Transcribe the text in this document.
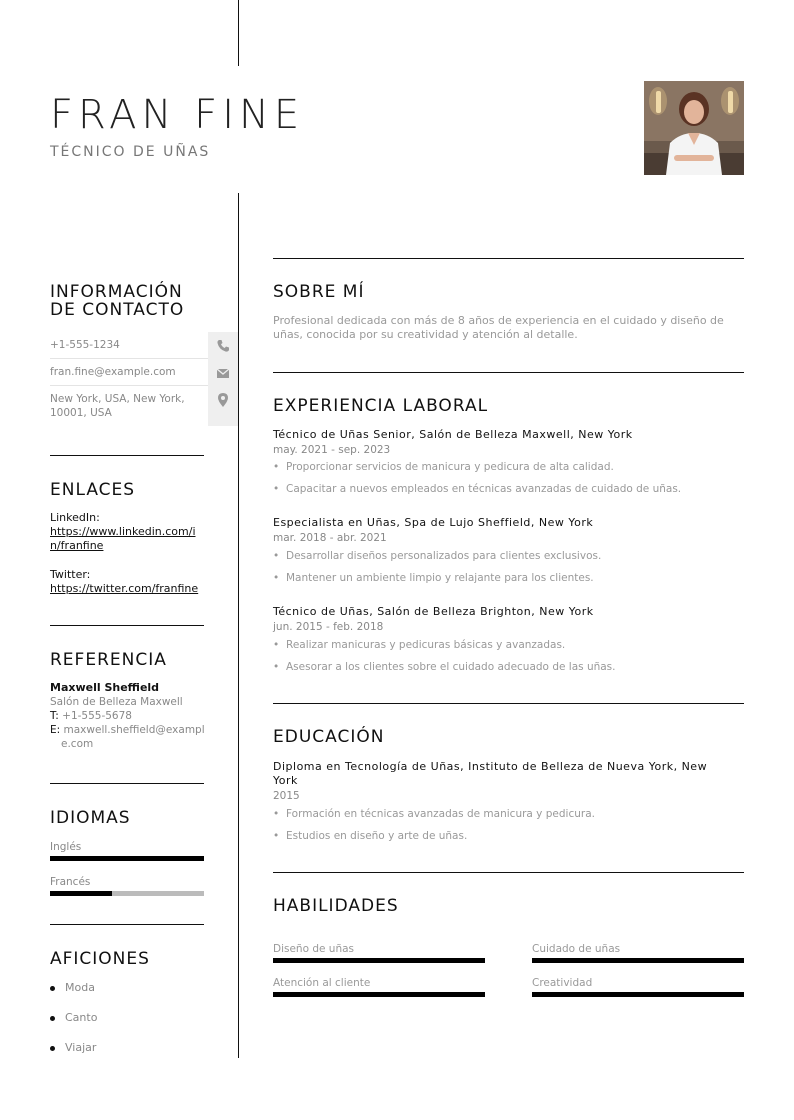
FRAN FINE
TÉCNICO DE UÑAS
INFORMACIÓN
DE CONTACTO
+1-555-1234
fran.fine@example.com
New York, USA, New York,
10001, USA
ENLACES
LinkedIn:
https://www.linkedin.com/i
n/franfine
Twitter:
https://twitter.com/franfine
REFERENCIA
Maxwell Sheffield
Salón de Belleza Maxwell
T: +1-555-5678
E: maxwell.sheffield@exampl
e.com
IDIOMAS
Inglés
Francés
AFICIONES
Moda
Canto
Viajar
SOBRE MÍ
Profesional dedicada con más de 8 años de experiencia en el cuidado y diseño de uñas, conocida por su creatividad y atención al detalle.
EXPERIENCIA LABORAL
Técnico de Uñas Senior, Salón de Belleza Maxwell, New York
may. 2021 - sep. 2023
• Proporcionar servicios de manicura y pedicura de alta calidad.
• Capacitar a nuevos empleados en técnicas avanzadas de cuidado de uñas.
Especialista en Uñas, Spa de Lujo Sheffield, New York
mar. 2018 - abr. 2021
• Desarrollar diseños personalizados para clientes exclusivos.
• Mantener un ambiente limpio y relajante para los clientes.
Técnico de Uñas, Salón de Belleza Brighton, New York
jun. 2015 - feb. 2018
• Realizar manicuras y pedicuras básicas y avanzadas.
• Asesorar a los clientes sobre el cuidado adecuado de las uñas.
EDUCACIÓN
Diploma en Tecnología de Uñas, Instituto de Belleza de Nueva York, New
York
2015
• Formación en técnicas avanzadas de manicura y pedicura.
• Estudios en diseño y arte de uñas.
HABILIDADES
Diseño de uñas	Cuidado de uñas
Atención al cliente	Creatividad
